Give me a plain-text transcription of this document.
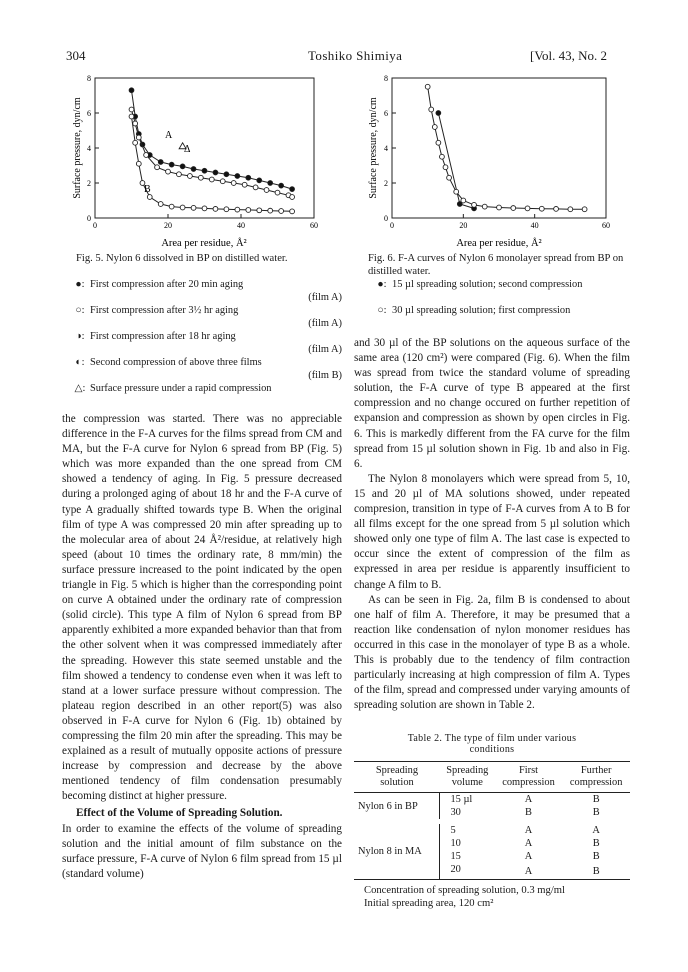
304	Toshiko Shimiya	[Vol. 43, No. 2
Surface pressure, dyn/cm
0
2
4
6
8
0	20	40	60
A
Δ
B
Area per residue, Å²
Fig. 5. Nylon 6 dissolved in BP on distilled water.
●: First compression after 20 min aging

(film A)
○: First compression after 3½ hr aging

(film A)
◑: First compression after 18 hr aging

(film A)
◐: Second compression of above three films

(film B)
△: Surface pressure under a rapid compression
Surface pressure, dyn/cm
0
2
4
6
8
0	20	40	60
Area per residue, Å²
Fig. 6. F-A curves of Nylon 6 monolayer spread from BP on distilled water.
●: 15 µl spreading solution; second compression
○: 30 µl spreading solution; first compression

the compression was started. There was no appreciable difference in the F-A curves for the films spread from CM and MA, but the F-A curve for Nylon 6 spread from BP (Fig. 5) which was more expanded than the one spread from CM showed a tendency of aging. In Fig. 5 pressure decreased during a prolonged aging of about 18 hr and the F-A curve of type A gradually shifted towards type B. When the original film of type A was compressed 20 min after spreading up to the molecular area of about 24 Å²/residue, at relatively high speed (about 10 times the ordinary rate, 8 mm/min) the surface pressure increased to the point indicated by the open triangle in Fig. 5 which is higher than the corresponding point on curve A obtained under the ordinary rate of compression (solid circle). This type A film of Nylon 6 spread from BP apparently exhibited a more expanded behavior than that from the other solvent when it was compressed immediately after the spreading. However this state seemed unstable and the film showed a tendency to condense even when it was left to stand at a lower surface pressure without compression. The plateau region described in an other report(5) was also observed in F-A curve for Nylon 6 (Fig. 1b) obtained by compressing the film 20 min after the spreading. This may be explained as a result of mutually opposite actions of pressure increase by compression and decrease by the above mentioned tendency of film condensation presumably becoming distinct at higher pressure.

Effect of the Volume of Spreading Solution.

In order to examine the effects of the volume of spreading solution and the initial amount of film substance on the surface pressure, F-A curve of Nylon 6 film spread from 15 µl (standard volume)

and 30 µl of the BP solutions on the aqueous surface of the same area (120 cm²) were compared (Fig. 6). When the film was spread from twice the standard volume of spreading solution, the F-A curve of type B appeared at the first compression and no change occured on further repetition of expansion and compression as shown by open circles in Fig. 6. This is markedly different from the FA curve for the film spread from 15 µl solution shown in Fig. 1b and also in Fig. 6.

The Nylon 8 monolayers which were spread from 5, 10, 15 and 20 µl of MA solutions showed, under repeated compresion, transition in type of F-A curves from A to B for all films except for the one spread from 5 µl solution which showed only one type of film A. The last case is expected to occur since the extent of compression of the film as expressed in area per residue is apparently insufficient to change A film to B.

As can be seen in Fig. 2a, film B is condensed to about one half of film A. Therefore, it may be presumed that a reaction like condensation of nylon monomer residues has occurred in this case in the monolayer of type B as a whole. This is probably due to the tendency of film contraction particularly increasing at high compression of film A. Types of the film, spread and compressed under varying amounts of spreading solution are shown in Table 2.

Table 2. The type of film under various
conditions
Spreading
solution	Spreading
volume	First
compression	Further
compression
Nylon 6 in BP	15 µl	A	B
	30	B	B

Nylon 8 in MA	5	A	A
	10	A	B
	15	A	B
	20	A	B
Concentration of spreading solution, 0.3 mg/ml
Initial spreading area, 120 cm²
